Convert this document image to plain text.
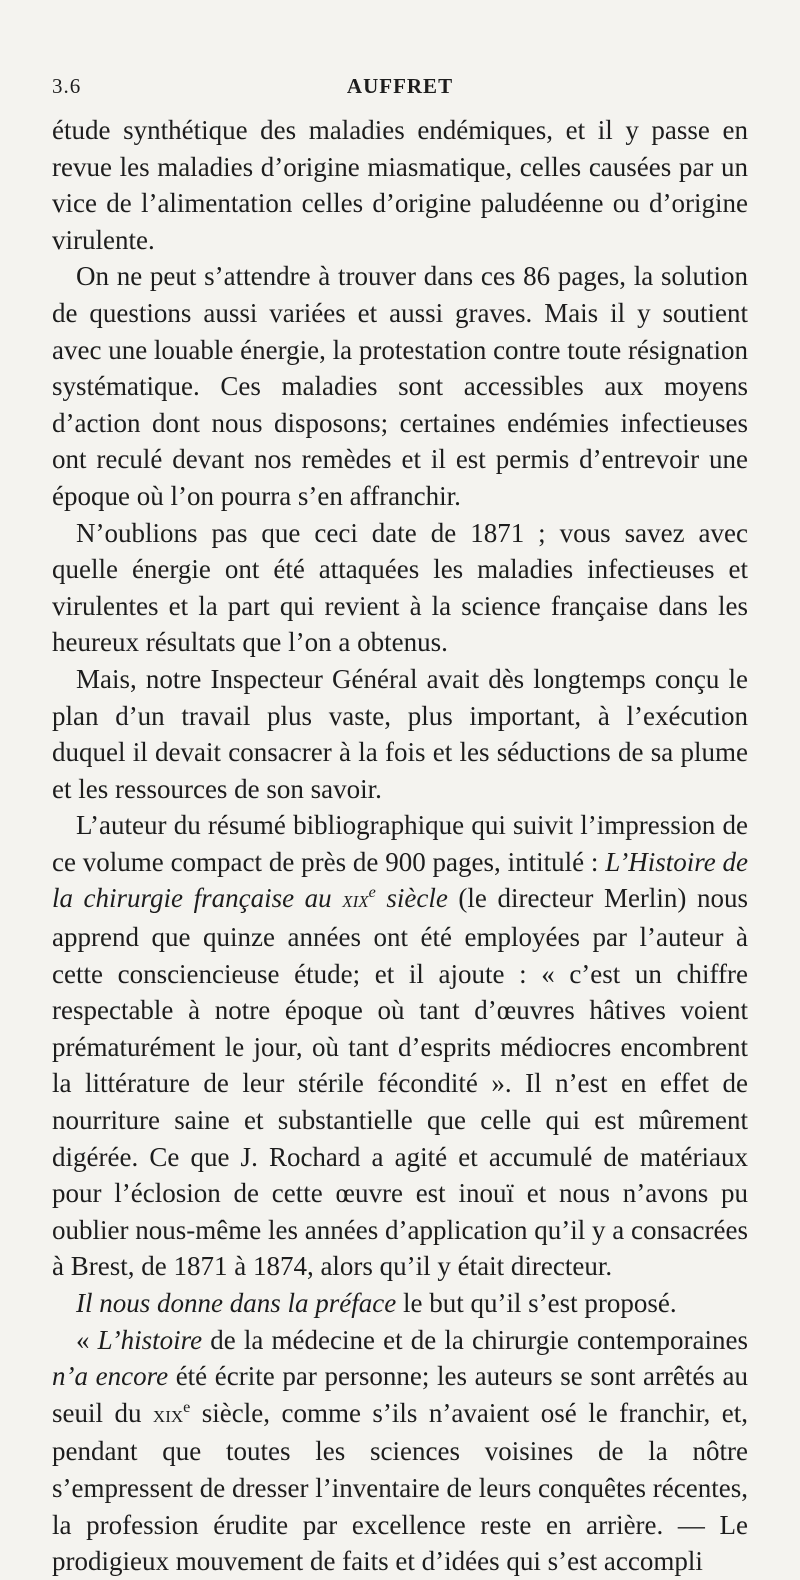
3.6	AUFFRET

étude synthétique des maladies endémiques, et il y passe en revue les maladies d’origine miasmatique, celles causées par un vice de l’alimentation celles d’origine paludéenne ou d’origine virulente.

On ne peut s’attendre à trouver dans ces 86 pages, la solution de questions aussi variées et aussi graves. Mais il y soutient avec une louable énergie, la protestation contre toute résignation systématique. Ces maladies sont accessibles aux moyens d’action dont nous disposons; certaines endémies infectieuses ont reculé devant nos remèdes et il est permis d’entrevoir une époque où l’on pourra s’en affranchir.

N’oublions pas que ceci date de 1871 ; vous savez avec quelle énergie ont été attaquées les maladies infectieuses et virulentes et la part qui revient à la science française dans les heureux résultats que l’on a obtenus.

Mais, notre Inspecteur Général avait dès longtemps conçu le plan d’un travail plus vaste, plus important, à l’exécution duquel il devait consacrer à la fois et les séductions de sa plume et les ressources de son savoir.

L’auteur du résumé bibliographique qui suivit l’impression de ce volume compact de près de 900 pages, intitulé : L’Histoire de la chirurgie française au xix$^e$ siècle (le directeur Merlin) nous apprend que quinze années ont été employées par l’auteur à cette consciencieuse étude; et il ajoute : « c’est un chiffre respectable à notre époque où tant d’œuvres hâtives voient prématurément le jour, où tant d’esprits médiocres encombrent la littérature de leur stérile fécondité ». Il n’est en effet de nourriture saine et substantielle que celle qui est mûrement digérée. Ce que J. Rochard a agité et accumulé de matériaux pour l’éclosion de cette œuvre est inouï et nous n’avons pu oublier nous-même les années d’application qu’il y a consacrées à Brest, de 1871 à 1874, alors qu’il y était directeur.

Il nous donne dans la préface le but qu’il s’est proposé.

« L’histoire de la médecine et de la chirurgie contemporaines n’a encore été écrite par personne; les auteurs se sont arrêtés au seuil du xix$^e$ siècle, comme s’ils n’avaient osé le franchir, et, pendant que toutes les sciences voisines de la nôtre s’empressent de dresser l’inventaire de leurs conquêtes récentes, la profession érudite par excellence reste en arrière. — Le prodigieux mouvement de faits et d’idées qui s’est accompli
